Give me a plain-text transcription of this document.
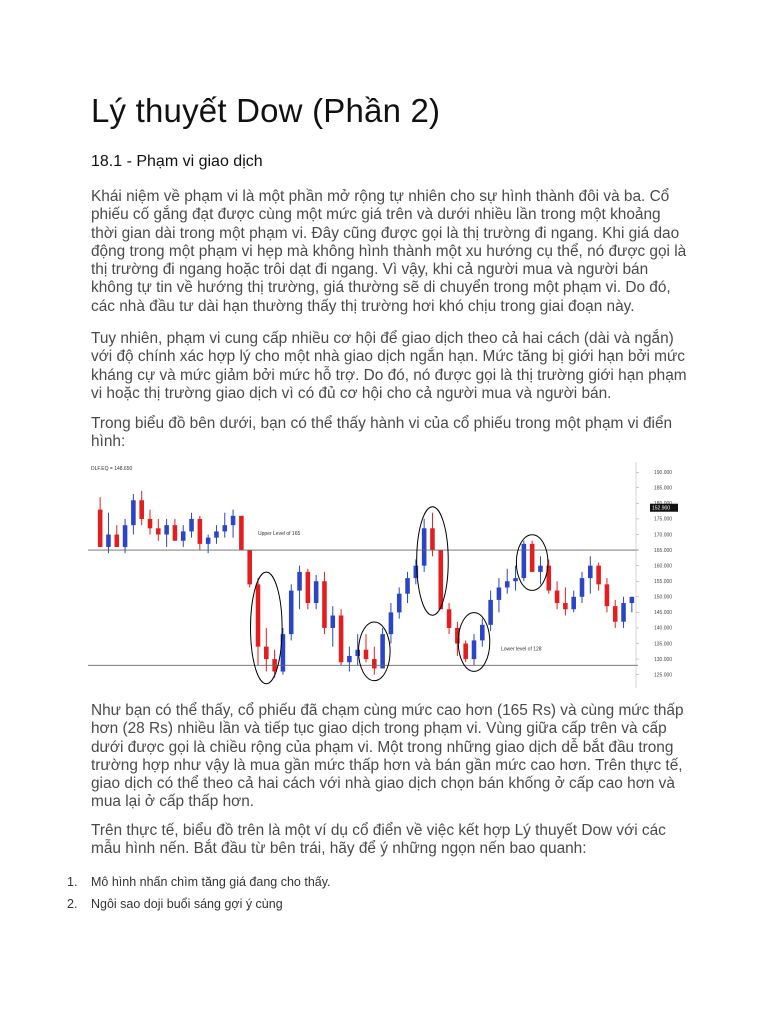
Lý thuyết Dow (Phần 2)
18.1 - Phạm vi giao dịch

Khái niệm về phạm vi là một phần mở rộng tự nhiên cho sự hình thành đôi và ba. Cổ phiếu cố gắng đạt được cùng một mức giá trên và dưới nhiều lần trong một khoảng thời gian dài trong một phạm vi. Đây cũng được gọi là thị trường đi ngang. Khi giá dao động trong một phạm vi hẹp mà không hình thành một xu hướng cụ thể, nó được gọi là thị trường đi ngang hoặc trôi dạt đi ngang. Vì vậy, khi cả người mua và người bán không tự tin về hướng thị trường, giá thường sẽ di chuyển trong một phạm vi. Do đó, các nhà đầu tư dài hạn thường thấy thị trường hơi khó chịu trong giai đoạn này.

Tuy nhiên, phạm vi cung cấp nhiều cơ hội để giao dịch theo cả hai cách (dài và ngắn) với độ chính xác hợp lý cho một nhà giao dịch ngắn hạn. Mức tăng bị giới hạn bởi mức kháng cự và mức giảm bởi mức hỗ trợ. Do đó, nó được gọi là thị trường giới hạn phạm vi hoặc thị trường giao dịch vì có đủ cơ hội cho cả người mua và người bán.

Trong biểu đồ bên dưới, bạn có thể thấy hành vi của cổ phiếu trong một phạm vi điển hình:

DLF.EQ = 148.650
Upper Level of 165
Lower level of 128
125.000
130.000
135.000
140.000
145.000
150.000
155.000
160.000
165.000
170.000
175.000
185.000
190.000
152.900

Như bạn có thể thấy, cổ phiếu đã chạm cùng mức cao hơn (165 Rs) và cùng mức thấp hơn (28 Rs) nhiều lần và tiếp tục giao dịch trong phạm vi. Vùng giữa cấp trên và cấp dưới được gọi là chiều rộng của phạm vi. Một trong những giao dịch dễ bắt đầu trong trường hợp như vậy là mua gần mức thấp hơn và bán gần mức cao hơn. Trên thực tế, giao dịch có thể theo cả hai cách với nhà giao dịch chọn bán khống ở cấp cao hơn và mua lại ở cấp thấp hơn.

Trên thực tế, biểu đồ trên là một ví dụ cổ điển về việc kết hợp Lý thuyết Dow với các mẫu hình nến. Bắt đầu từ bên trái, hãy để ý những ngọn nến bao quanh:

1.	Mô hình nhấn chìm tăng giá đang cho thấy.
2.	Ngôi sao doji buổi sáng gợi ý cùng
